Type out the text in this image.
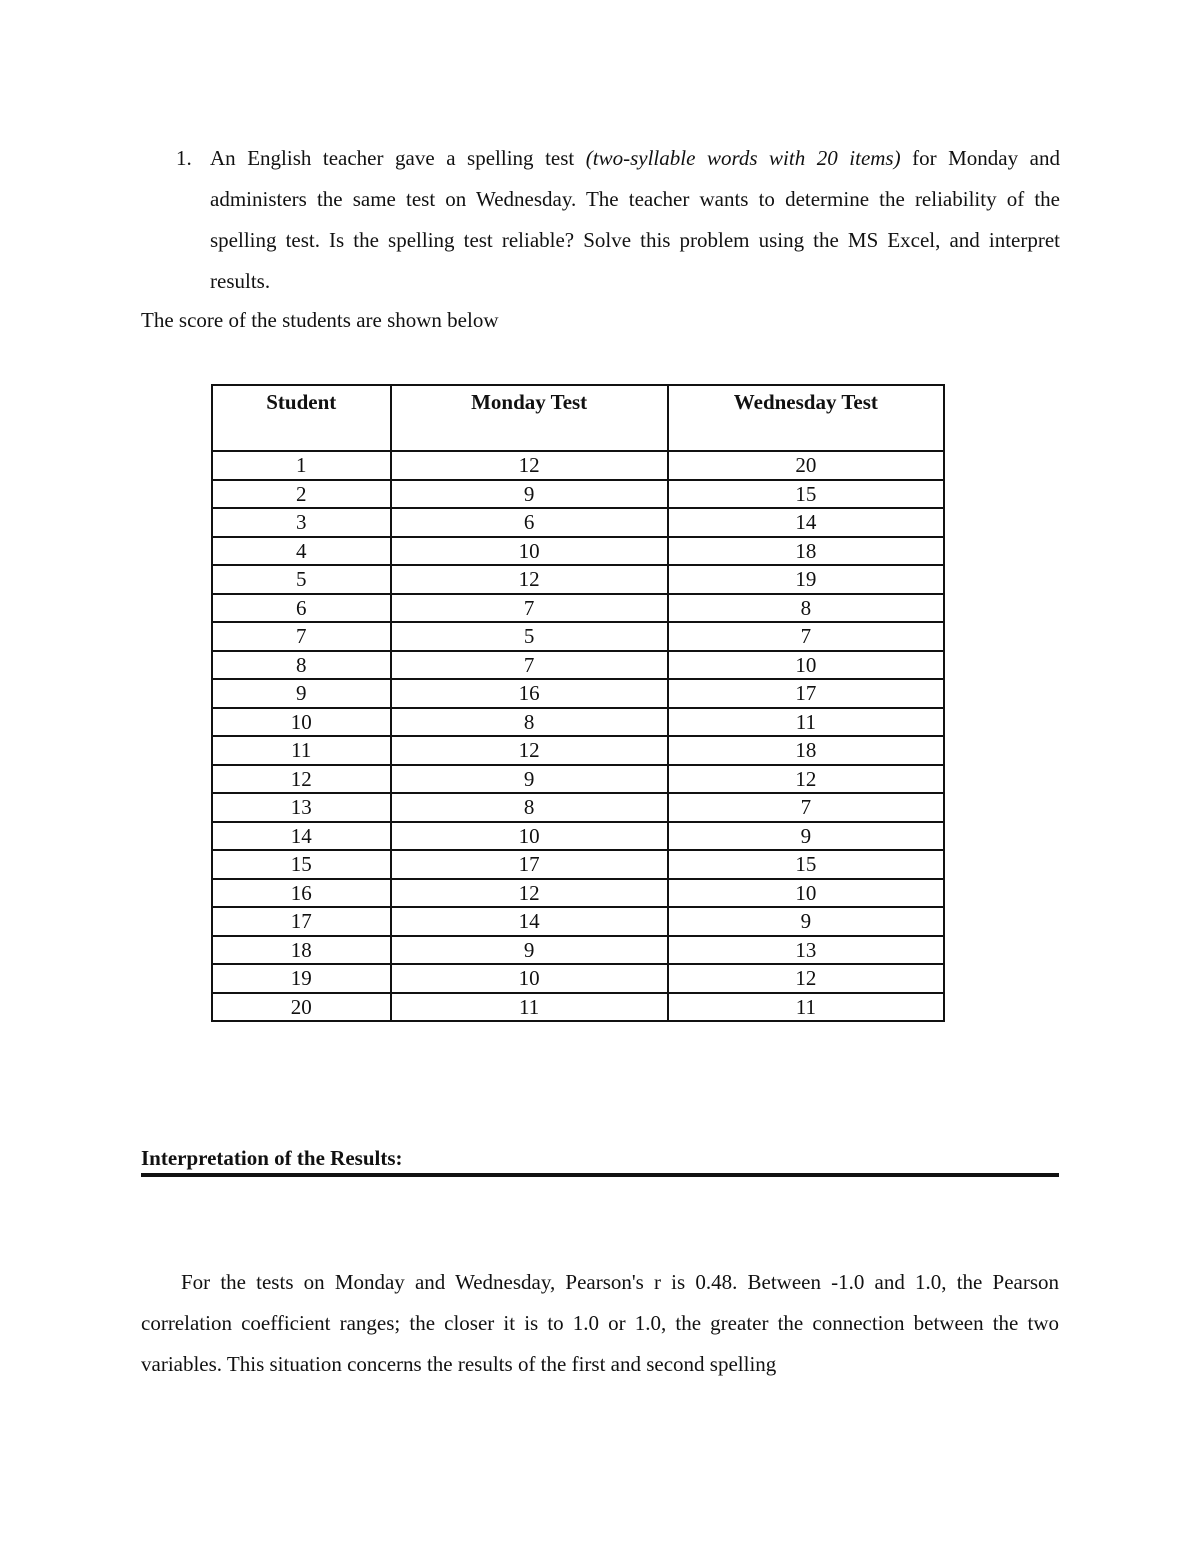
1. An English teacher gave a spelling test (two-syllable words with 20 items) for Monday and administers the same test on Wednesday. The teacher wants to determine the reliability of the spelling test. Is the spelling test reliable? Solve this problem using the MS Excel, and interpret results.

The score of the students are shown below

Student	Monday Test	Wednesday Test
1	12	20
2	9	15
3	6	14
4	10	18
5	12	19
6	7	8
7	5	7
8	7	10
9	16	17
10	8	11
11	12	18
12	9	12
13	8	7
14	10	9
15	17	15
16	12	10
17	14	9
18	9	13
19	10	12
20	11	11
Interpretation of the Results:

For the tests on Monday and Wednesday, Pearson's r is 0.48. Between -1.0 and 1.0, the Pearson correlation coefficient ranges; the closer it is to 1.0 or 1.0, the greater the connection between the two variables. This situation concerns the results of the first and second spelling
